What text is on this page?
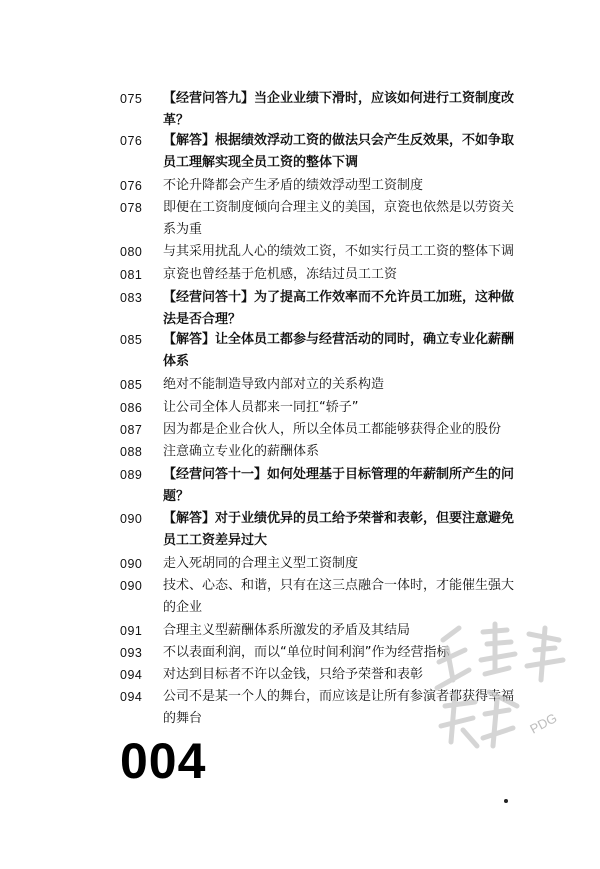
075	【经营问答九】当企业业绩下滑时，应该如何进行工资制度改革？
076	【解答】根据绩效浮动工资的做法只会产生反效果，不如争取员工理解实现全员工资的整体下调
076	不论升降都会产生矛盾的绩效浮动型工资制度
078	即便在工资制度倾向合理主义的美国，京瓷也依然是以劳资关系为重
080	与其采用扰乱人心的绩效工资，不如实行员工工资的整体下调
081	京瓷也曾经基于危机感，冻结过员工工资
083	【经营问答十】为了提高工作效率而不允许员工加班，这种做法是否合理？
085	【解答】让全体员工都参与经营活动的同时，确立专业化薪酬体系
085	绝对不能制造导致内部对立的关系构造
086	让公司全体人员都来一同扛“轿子”
087	因为都是企业合伙人，所以全体员工都能够获得企业的股份
088	注意确立专业化的薪酬体系
089	【经营问答十一】如何处理基于目标管理的年薪制所产生的问题？
090	【解答】对于业绩优异的员工给予荣誉和表彰，但要注意避免员工工资差异过大
090	走入死胡同的合理主义型工资制度
090	技术、心态、和谐，只有在这三点融合一体时，才能催生强大的企业
091	合理主义型薪酬体系所激发的矛盾及其结局
093	不以表面利润，而以“单位时间利润”作为经营指标
094	对达到目标者不许以金钱，只给予荣誉和表彰
094	公司不是某一个人的舞台，而应该是让所有参演者都获得幸福的舞台
004
PDG
